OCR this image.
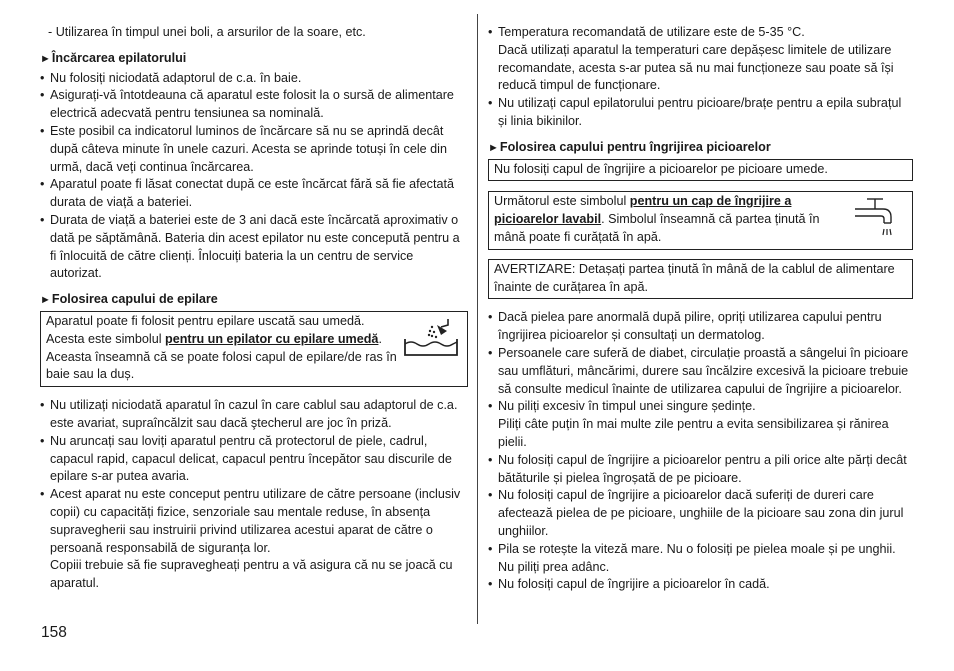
- Utilizarea în timpul unei boli, a arsurilor de la soare, etc.

►Încărcarea epilatorului
• Nu folosiți niciodată adaptorul de c.a. în baie.
• Asigurați-vă întotdeauna că aparatul este folosit la o sursă de alimentare electrică adecvată pentru tensiunea sa nominală.
• Este posibil ca indicatorul luminos de încărcare să nu se aprindă decât după câteva minute în unele cazuri. Acesta se aprinde totuși în cele din urmă, dacă veți continua încărcarea.
• Aparatul poate fi lăsat conectat după ce este încărcat fără să fie afectată durata de viață a bateriei.
• Durata de viață a bateriei este de 3 ani dacă este încărcată aproximativ o dată pe săptămână. Bateria din acest epilator nu este concepută pentru a fi înlocuită de către clienți. Înlocuiți bateria la un centru de service autorizat.
►Folosirea capului de epilare
Aparatul poate fi folosit pentru epilare uscată sau umedă. Acesta este simbolul pentru un epilator cu epilare umedă. Aceasta înseamnă că se poate folosi capul de epilare/de ras în baie sau la duș.
• Nu utilizați niciodată aparatul în cazul în care cablul sau adaptorul de c.a. este avariat, supraîncălzit sau dacă ştecherul are joc în priză.
• Nu aruncați sau loviți aparatul pentru că protectorul de piele, cadrul, capacul rapid, capacul delicat, capacul pentru începător sau discurile de epilare s-ar putea avaria.
• Acest aparat nu este conceput pentru utilizare de către persoane (inclusiv copii) cu capacități fizice, senzoriale sau mentale reduse, în absența supravegherii sau instruirii privind utilizarea acestui aparat de către o persoană responsabilă de siguranța lor.

Copiii trebuie să fie supravegheați pentru a vă asigura că nu se joacă cu aparatul.

• Temperatura recomandată de utilizare este de 5-35 °C.

Dacă utilizați aparatul la temperaturi care depășesc limitele de utilizare recomandate, acesta s-ar putea să nu mai funcționeze sau poate să își reducă timpul de funcționare.

• Nu utilizați capul epilatorului pentru picioare/brațe pentru a epila subrațul și linia bikinilor.
►Folosirea capului pentru îngrijirea picioarelor
Nu folosiți capul de îngrijire a picioarelor pe picioare umede.
Următorul este simbolul pentru un cap de îngrijire a picioarelor lavabil. Simbolul înseamnă că partea ținută în mână poate fi curățată în apă.
AVERTIZARE: Detașați partea ținută în mână de la cablul de alimentare înainte de curățarea în apă.
• Dacă pielea pare anormală după pilire, opriți utilizarea capului pentru îngrijirea picioarelor și consultați un dermatolog.
• Persoanele care suferă de diabet, circulație proastă a sângelui în picioare sau umflături, mâncărimi, durere sau încălzire excesivă la picioare trebuie să consulte medicul înainte de utilizarea capului de îngrijire a picioarelor.
• Nu piliți excesiv în timpul unei singure ședințe.

Piliți câte puțin în mai multe zile pentru a evita sensibilizarea și rănirea pielii.

• Nu folosiți capul de îngrijire a picioarelor pentru a pili orice alte părți decât bătăturile și pielea îngroșată de pe picioare.
• Nu folosiți capul de îngrijire a picioarelor dacă suferiți de dureri care afectează pielea de pe picioare, unghiile de la picioare sau zona din jurul unghiilor.
• Pila se rotește la viteză mare. Nu o folosiți pe pielea moale și pe unghii. Nu piliți prea adânc.
• Nu folosiți capul de îngrijire a picioarelor în cadă.
158
